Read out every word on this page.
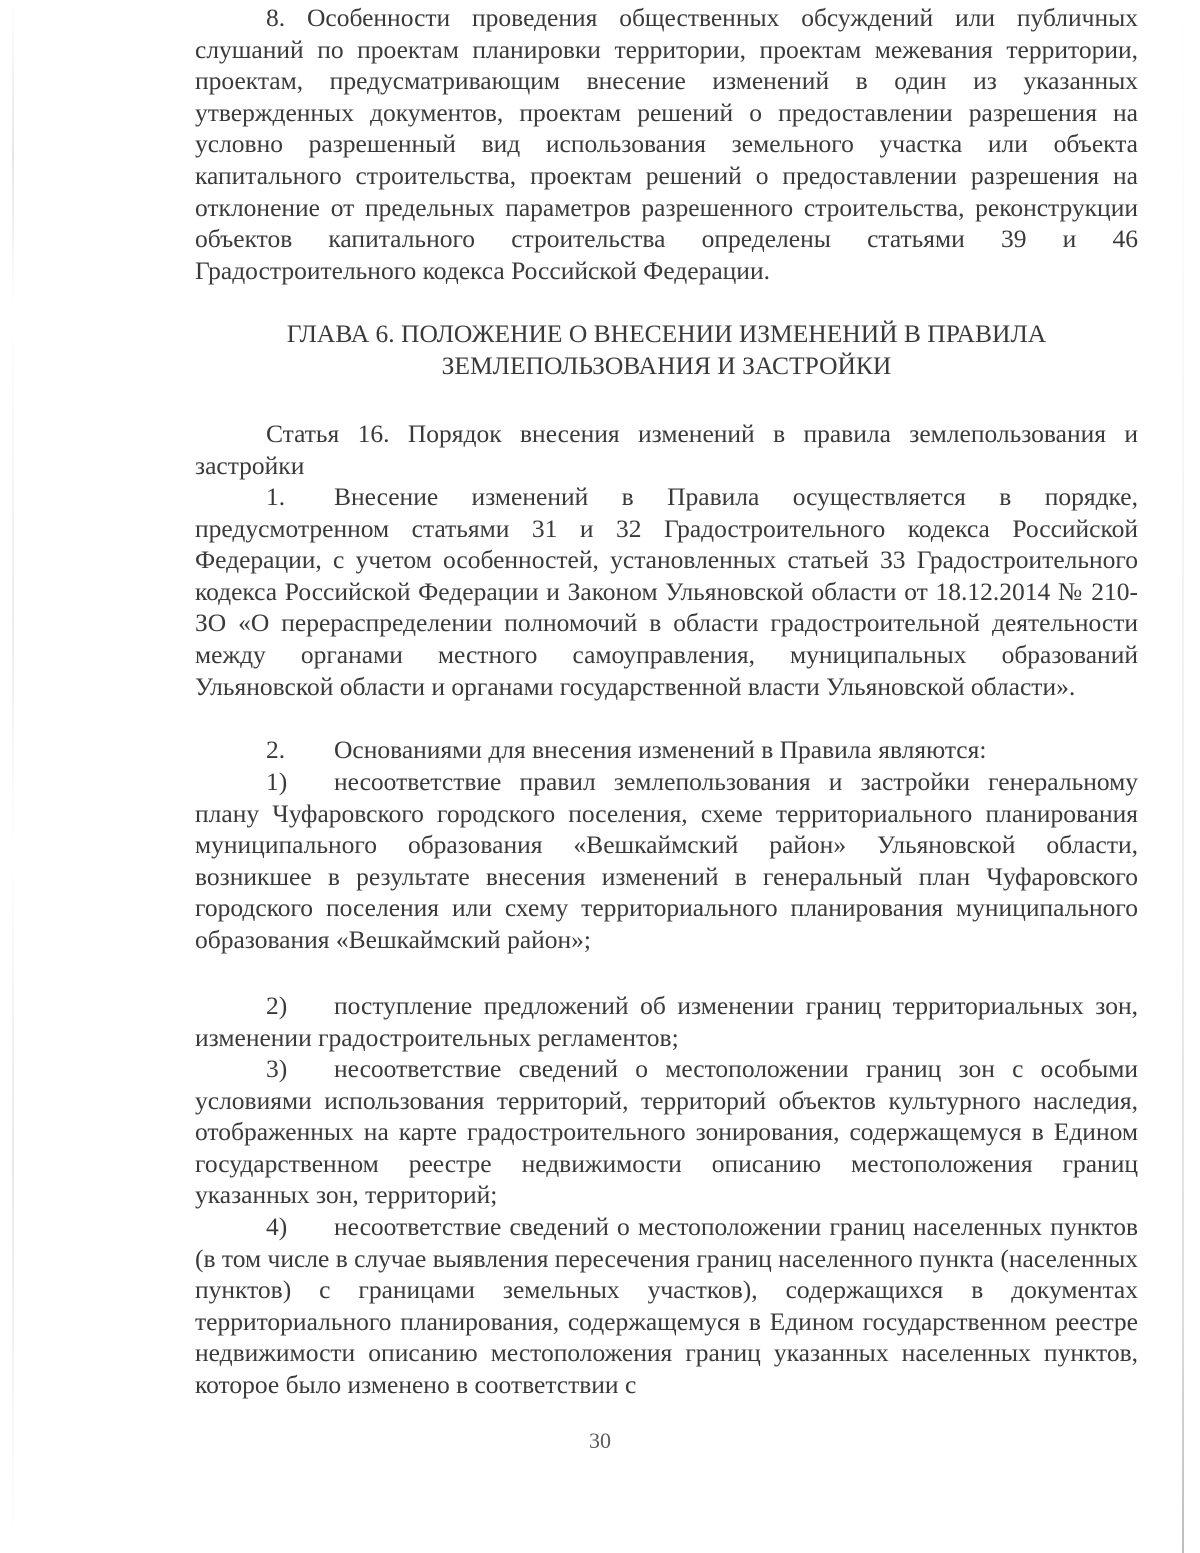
8. Особенности проведения общественных обсуждений или публичных слушаний по проектам планировки территории, проектам межевания территории, проектам, предусматривающим внесение изменений в один из указанных утвержденных документов, проектам решений о предоставлении разрешения на условно разрешенный вид использования земельного участка или объекта капитального строительства, проектам решений о предоставлении разрешения на отклонение от предельных параметров разрешенного строительства, реконструкции объектов капитального строительства определены статьями 39 и 46 Градостроительного кодекса Российской Федерации.

ГЛАВА 6. ПОЛОЖЕНИЕ О ВНЕСЕНИИ ИЗМЕНЕНИЙ В ПРАВИЛА

ЗЕМЛЕПОЛЬЗОВАНИЯ И ЗАСТРОЙКИ

Статья 16. Порядок внесения изменений в правила землепользования и застройки

1. Внесение изменений в Правила осуществляется в порядке, предусмотренном статьями 31 и 32 Градостроительного кодекса Российской Федерации, с учетом особенностей, установленных статьей 33 Градостроительного кодекса Российской Федерации и Законом Ульяновской области от 18.12.2014 № 210-ЗО «О перераспределении полномочий в области градостроительной деятельности между органами местного самоуправления, муниципальных образований Ульяновской области и органами государственной власти Ульяновской области».

2. Основаниями для внесения изменений в Правила являются:

1) несоответствие правил землепользования и застройки генеральному плану Чуфаровского городского поселения, схеме территориального планирования муниципального образования «Вешкаймский район» Ульяновской области, возникшее в результате внесения изменений в генеральный план Чуфаровского городского поселения или схему территориального планирования муниципального образования «Вешкаймский район»;

2) поступление предложений об изменении границ территориальных зон, изменении градостроительных регламентов;

3) несоответствие сведений о местоположении границ зон с особыми условиями использования территорий, территорий объектов культурного наследия, отображенных на карте градостроительного зонирования, содержащемуся в Едином государственном реестре недвижимости описанию местоположения границ указанных зон, территорий;

4) несоответствие сведений о местоположении границ населенных пунктов (в том числе в случае выявления пересечения границ населенного пункта (населенных пунктов) с границами земельных участков), содержащихся в документах территориального планирования, содержащемуся в Едином государственном реестре недвижимости описанию местоположения границ указанных населенных пунктов, которое было изменено в соответствии с

30
